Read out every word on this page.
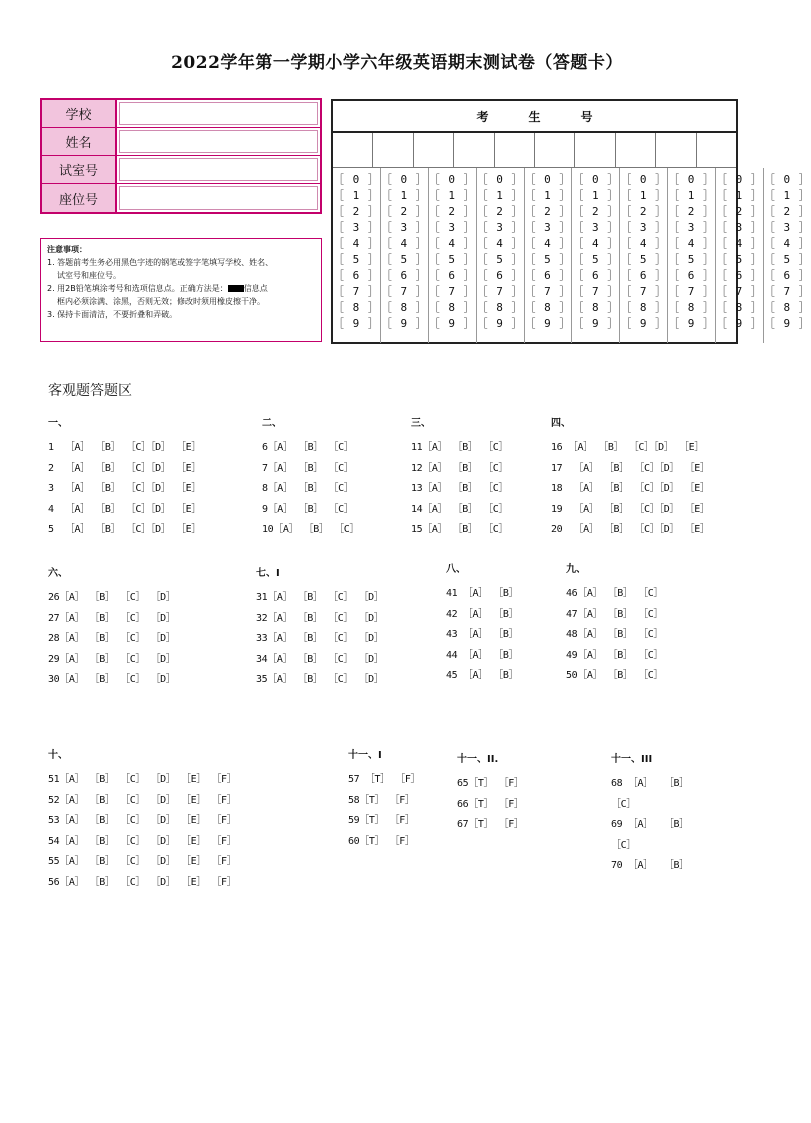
2022学年第一学期小学六年级英语期末测试卷（答题卡）
学校
姓名
试室号
座位号

注意事项：

1. 答题前考生务必用黑色字迹的钢笔或签字笔填写学校、姓名、

试室号和座位号。

2. 用2B铅笔填涂考号和选项信息点。正确方法是： 信息点

框内必须涂满、涂黑，否则无效；修改时须用橡皮擦干净。

3. 保持卡面清洁，不要折叠和弄破。

考生号
［ 0 ］
［ 1 ］
［ 2 ］
［ 3 ］
［ 4 ］
［ 5 ］
［ 6 ］
［ 7 ］
［ 8 ］
［ 9 ］
［ 0 ］
［ 1 ］
［ 2 ］
［ 3 ］
［ 4 ］
［ 5 ］
［ 6 ］
［ 7 ］
［ 8 ］
［ 9 ］
［ 0 ］
［ 1 ］
［ 2 ］
［ 3 ］
［ 4 ］
［ 5 ］
［ 6 ］
［ 7 ］
［ 8 ］
［ 9 ］
［ 0 ］
［ 1 ］
［ 2 ］
［ 3 ］
［ 4 ］
［ 5 ］
［ 6 ］
［ 7 ］
［ 8 ］
［ 9 ］
［ 0 ］
［ 1 ］
［ 2 ］
［ 3 ］
［ 4 ］
［ 5 ］
［ 6 ］
［ 7 ］
［ 8 ］
［ 9 ］
［ 0 ］
［ 1 ］
［ 2 ］
［ 3 ］
［ 4 ］
［ 5 ］
［ 6 ］
［ 7 ］
［ 8 ］
［ 9 ］
［ 0 ］
［ 1 ］
［ 2 ］
［ 3 ］
［ 4 ］
［ 5 ］
［ 6 ］
［ 7 ］
［ 8 ］
［ 9 ］
［ 0 ］
［ 1 ］
［ 2 ］
［ 3 ］
［ 4 ］
［ 5 ］
［ 6 ］
［ 7 ］
［ 8 ］
［ 9 ］
［ 0 ］
［ 1 ］
［ 2 ］
［ 3 ］
［ 4 ］
［ 5 ］
［ 6 ］
［ 7 ］
［ 8 ］
［ 9 ］
［ 0 ］
［ 1 ］
［ 2 ］
［ 3 ］
［ 4 ］
［ 5 ］
［ 6 ］
［ 7 ］
［ 8 ］
［ 9 ］
客观题答题区
一、
1  ［A］ ［B］ ［C］［D］ ［E］
2  ［A］ ［B］ ［C］［D］ ［E］
3  ［A］ ［B］ ［C］［D］ ［E］
4  ［A］ ［B］ ［C］［D］ ［E］
5  ［A］ ［B］ ［C］［D］ ［E］
二、
6［A］ ［B］ ［C］
7［A］ ［B］ ［C］
8［A］ ［B］ ［C］
9［A］ ［B］ ［C］
10［A］ ［B］ ［C］
三、
11［A］ ［B］ ［C］
12［A］ ［B］ ［C］
13［A］ ［B］ ［C］
14［A］ ［B］ ［C］
15［A］ ［B］ ［C］
四、
16 ［A］ ［B］ ［C］［D］ ［E］
17  ［A］ ［B］ ［C］［D］ ［E］
18  ［A］ ［B］ ［C］［D］ ［E］
19  ［A］ ［B］ ［C］［D］ ［E］
20  ［A］ ［B］ ［C］［D］ ［E］
六、
26［A］ ［B］ ［C］ ［D］
27［A］ ［B］ ［C］ ［D］
28［A］ ［B］ ［C］ ［D］
29［A］ ［B］ ［C］ ［D］
30［A］ ［B］ ［C］ ［D］
七、I
31［A］ ［B］ ［C］ ［D］
32［A］ ［B］ ［C］ ［D］
33［A］ ［B］ ［C］ ［D］
34［A］ ［B］ ［C］ ［D］
35［A］ ［B］ ［C］ ［D］
八、
41 ［A］ ［B］
42 ［A］ ［B］
43 ［A］ ［B］
44 ［A］ ［B］
45 ［A］ ［B］
九、
46［A］ ［B］ ［C］
47［A］ ［B］ ［C］
48［A］ ［B］ ［C］
49［A］ ［B］ ［C］
50［A］ ［B］ ［C］
十、
51［A］ ［B］ ［C］ ［D］ ［E］ ［F］
52［A］ ［B］ ［C］ ［D］ ［E］ ［F］
53［A］ ［B］ ［C］ ［D］ ［E］ ［F］
54［A］ ［B］ ［C］ ［D］ ［E］ ［F］
55［A］ ［B］ ［C］ ［D］ ［E］ ［F］
56［A］ ［B］ ［C］ ［D］ ［E］ ［F］
十一、I
57 ［T］ ［F］
58［T］ ［F］
59［T］ ［F］
60［T］ ［F］
十一、II.
65［T］ ［F］
66［T］ ［F］
67［T］ ［F］
十一、III
68 ［A］  ［B］
［C］
69 ［A］  ［B］
［C］
70 ［A］  ［B］
